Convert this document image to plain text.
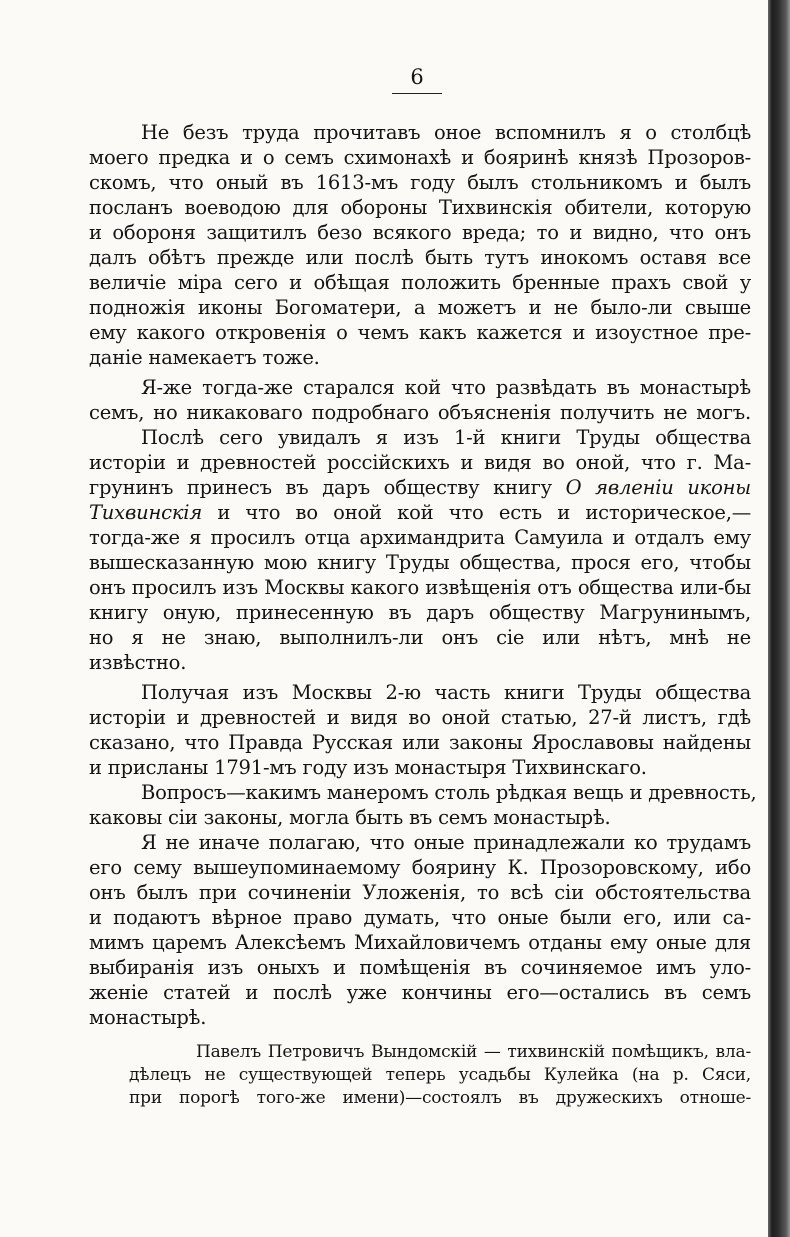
6
Не безъ труда прочитавъ оное вспомнилъ я о столбцѣ
моего предка и о семъ схимонахѣ и бояринѣ князѣ Прозоров-
скомъ, что оный въ 1613-мъ году былъ стольникомъ и былъ
посланъ воеводою для обороны Тихвинскія обители, которую
и обороня защитилъ безо всякого вреда; то и видно, что онъ
далъ обѣтъ прежде или послѣ быть тутъ инокомъ оставя все
величіе міра сего и обѣщая положить бренные прахъ свой у
подножія иконы Богоматери, а можетъ и не было-ли свыше
ему какого откровенія о чемъ какъ кажется и изоустное пре-
даніе намекаетъ тоже.
Я-же тогда-же старался кой что развѣдать въ монастырѣ
семъ, но никаковаго подробнаго объясненія получить не могъ.
Послѣ сего увидалъ я изъ 1-й книги Труды общества
исторіи и древностей россійскихъ и видя во оной, что г. Ма-
грунинъ принесъ въ даръ обществу книгу О явленіи иконы
Тихвинскія и что во оной кой что есть и историческое,—
тогда-же я просилъ отца архимандрита Самуила и отдалъ ему
вышесказанную мою книгу Труды общества, прося его, чтобы
онъ просилъ изъ Москвы какого извѣщенія отъ общества или-бы
книгу оную, принесенную въ даръ обществу Магрунинымъ,
но я не знаю, выполнилъ-ли онъ сіе или нѣтъ, мнѣ не
извѣстно.
Получая изъ Москвы 2-ю часть книги Труды общества
исторіи и древностей и видя во оной статью, 27-й листъ, гдѣ
сказано, что Правда Русская или законы Ярославовы найдены
и присланы 1791-мъ году изъ монастыря Тихвинскаго.
Вопросъ—какимъ манеромъ столь рѣдкая вещь и древность,
каковы сіи законы, могла быть въ семъ монастырѣ.
Я не иначе полагаю, что оные принадлежали ко трудамъ
его сему вышеупоминаемому боярину К. Прозоровскому, ибо
онъ былъ при сочиненіи Уложенія, то всѣ сіи обстоятельства
и подаютъ вѣрное право думать, что оные были его, или са-
мимъ царемъ Алексѣемъ Михайловичемъ отданы ему оные для
выбиранія изъ оныхъ и помѣщенія въ сочиняемое имъ уло-
женіе статей и послѣ уже кончины его—остались въ семъ
монастырѣ.
Павелъ Петровичъ Вындомскій — тихвинскій помѣщикъ, вла-
дѣлецъ не существующей теперь усадьбы Кулейка (на р. Сяси,
при порогѣ того-же имени)—состоялъ въ дружескихъ отноше-
